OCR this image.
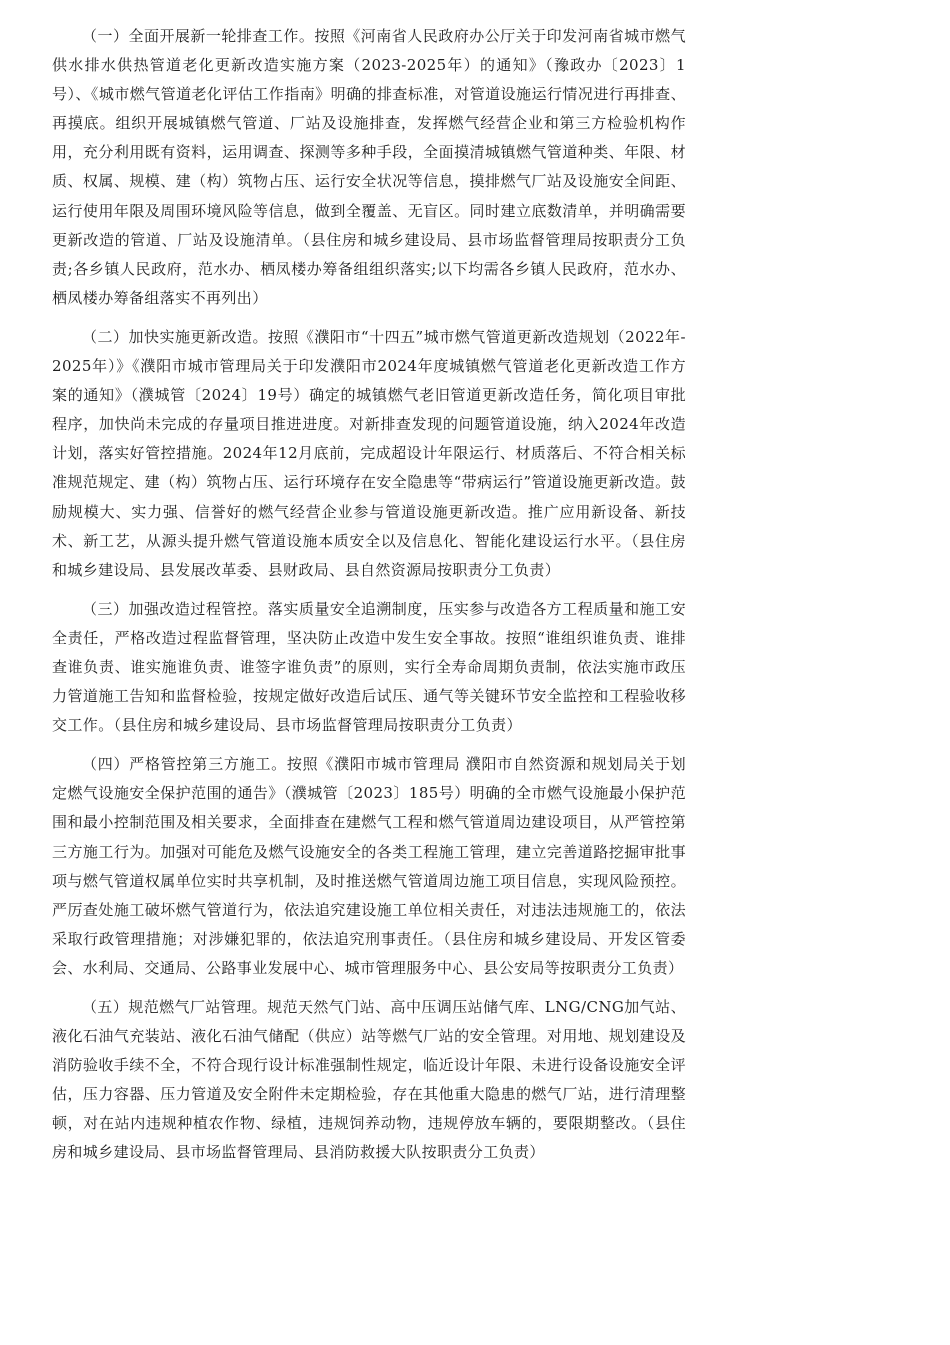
（一）全面开展新一轮排查工作。按照《河南省人民政府办公厅关于印发河南省城市燃气供水排水供热管道老化更新改造实施方案（2023-2025年）的通知》（豫政办〔2023〕1号）、《城市燃气管道老化评估工作指南》明确的排查标准，对管道设施运行情况进行再排查、再摸底。组织开展城镇燃气管道、厂站及设施排查，发挥燃气经营企业和第三方检验机构作用，充分利用既有资料，运用调查、探测等多种手段，全面摸清城镇燃气管道种类、年限、材质、权属、规模、建（构）筑物占压、运行安全状况等信息，摸排燃气厂站及设施安全间距、运行使用年限及周围环境风险等信息，做到全覆盖、无盲区。同时建立底数清单，并明确需要更新改造的管道、厂站及设施清单。（县住房和城乡建设局、县市场监督管理局按职责分工负责;各乡镇人民政府，范水办、栖凤楼办筹备组组织落实;以下均需各乡镇人民政府，范水办、栖凤楼办筹备组落实不再列出）

（二）加快实施更新改造。按照《濮阳市“十四五”城市燃气管道更新改造规划（2022年-2025年）》《濮阳市城市管理局关于印发濮阳市2024年度城镇燃气管道老化更新改造工作方案的通知》（濮城管〔2024〕19号）确定的城镇燃气老旧管道更新改造任务，简化项目审批程序，加快尚未完成的存量项目推进进度。对新排查发现的问题管道设施，纳入2024年改造计划，落实好管控措施。2024年12月底前，完成超设计年限运行、材质落后、不符合相关标准规范规定、建（构）筑物占压、运行环境存在安全隐患等“带病运行”管道设施更新改造。鼓励规模大、实力强、信誉好的燃气经营企业参与管道设施更新改造。推广应用新设备、新技术、新工艺，从源头提升燃气管道设施本质安全以及信息化、智能化建设运行水平。（县住房和城乡建设局、县发展改革委、县财政局、县自然资源局按职责分工负责）

（三）加强改造过程管控。落实质量安全追溯制度，压实参与改造各方工程质量和施工安全责任，严格改造过程监督管理，坚决防止改造中发生安全事故。按照“谁组织谁负责、谁排查谁负责、谁实施谁负责、谁签字谁负责”的原则，实行全寿命周期负责制，依法实施市政压力管道施工告知和监督检验，按规定做好改造后试压、通气等关键环节安全监控和工程验收移交工作。（县住房和城乡建设局、县市场监督管理局按职责分工负责）

（四）严格管控第三方施工。按照《濮阳市城市管理局 濮阳市自然资源和规划局关于划定燃气设施安全保护范围的通告》（濮城管〔2023〕185号）明确的全市燃气设施最小保护范围和最小控制范围及相关要求，全面排查在建燃气工程和燃气管道周边建设项目，从严管控第三方施工行为。加强对可能危及燃气设施安全的各类工程施工管理，建立完善道路挖掘审批事项与燃气管道权属单位实时共享机制，及时推送燃气管道周边施工项目信息，实现风险预控。严厉查处施工破坏燃气管道行为，依法追究建设施工单位相关责任，对违法违规施工的，依法采取行政管理措施；对涉嫌犯罪的，依法追究刑事责任。（县住房和城乡建设局、开发区管委会、水利局、交通局、公路事业发展中心、城市管理服务中心、县公安局等按职责分工负责）

（五）规范燃气厂站管理。规范天然气门站、高中压调压站储气库、LNG/CNG加气站、液化石油气充装站、液化石油气储配（供应）站等燃气厂站的安全管理。对用地、规划建设及消防验收手续不全，不符合现行设计标准强制性规定，临近设计年限、未进行设备设施安全评估，压力容器、压力管道及安全附件未定期检验，存在其他重大隐患的燃气厂站，进行清理整顿，对在站内违规种植农作物、绿植，违规饲养动物，违规停放车辆的，要限期整改。（县住房和城乡建设局、县市场监督管理局、县消防救援大队按职责分工负责）
